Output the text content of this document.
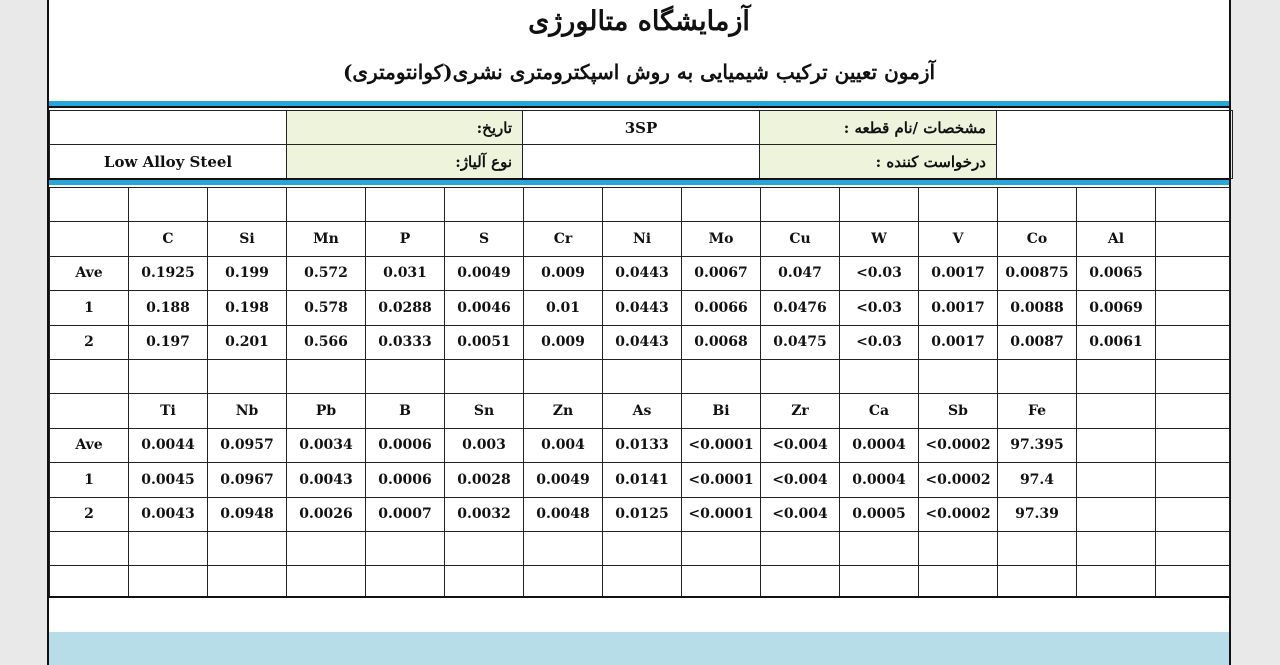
آزمایشگاه متالورژی
آزمون تعیین ترکیب شیمیایی به روش اسپکترومتری نشری(کوانتومتری)
	تاریخ:	3SP	مشخصات /نام قطعه :	
Low Alloy Steel	نوع آلیاژ:		درخواست کننده :	

	C	Si	Mn	P	S	Cr	Ni	Mo	Cu	W	V	Co	Al	
Ave	0.1925	0.199	0.572	0.031	0.0049	0.009	0.0443	0.0067	0.047	<0.03	0.0017	0.00875	0.0065	
1	0.188	0.198	0.578	0.0288	0.0046	0.01	0.0443	0.0066	0.0476	<0.03	0.0017	0.0088	0.0069	
2	0.197	0.201	0.566	0.0333	0.0051	0.009	0.0443	0.0068	0.0475	<0.03	0.0017	0.0087	0.0061	

	Ti	Nb	Pb	B	Sn	Zn	As	Bi	Zr	Ca	Sb	Fe		
Ave	0.0044	0.0957	0.0034	0.0006	0.003	0.004	0.0133	<0.0001	<0.004	0.0004	<0.0002	97.395		
1	0.0045	0.0967	0.0043	0.0006	0.0028	0.0049	0.0141	<0.0001	<0.004	0.0004	<0.0002	97.4		
2	0.0043	0.0948	0.0026	0.0007	0.0032	0.0048	0.0125	<0.0001	<0.004	0.0005	<0.0002	97.39		
